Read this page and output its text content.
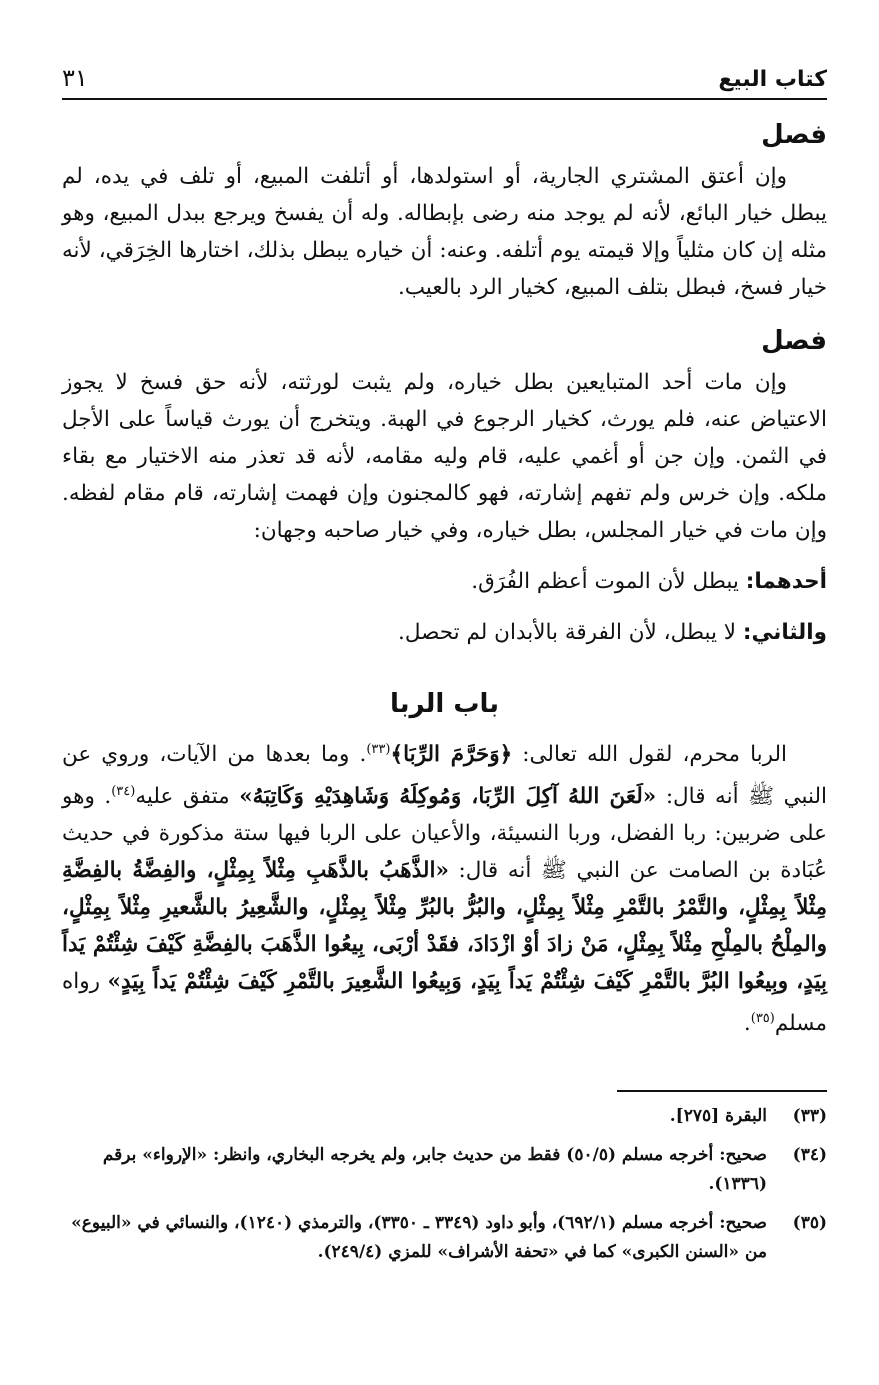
كتاب البيع
٣١
فصل

وإن أعتق المشتري الجارية، أو استولدها، أو أتلفت المبيع، أو تلف في يده، لم يبطل خيار البائع، لأنه لم يوجد منه رضى بإبطاله. وله أن يفسخ ويرجع ببدل المبيع، وهو مثله إن كان مثلياً وإلا قيمته يوم أتلفه. وعنه: أن خياره يبطل بذلك، اختارها الخِرَقي، لأنه خيار فسخ، فبطل بتلف المبيع، كخيار الرد بالعيب.

فصل

وإن مات أحد المتبايعين بطل خياره، ولم يثبت لورثته، لأنه حق فسخ لا يجوز الاعتياض عنه، فلم يورث، كخيار الرجوع في الهبة. ويتخرج أن يورث قياساً على الأجل في الثمن. وإن جن أو أغمي عليه، قام وليه مقامه، لأنه قد تعذر منه الاختيار مع بقاء ملكه. وإن خرس ولم تفهم إشارته، فهو كالمجنون وإن فهمت إشارته، قام مقام لفظه. وإن مات في خيار المجلس، بطل خياره، وفي خيار صاحبه وجهان:

أحدهما: يبطل لأن الموت أعظم الفُرَق.

والثاني: لا يبطل، لأن الفرقة بالأبدان لم تحصل.

باب الربا

الربا محرم، لقول الله تعالى: ﴿وَحَرَّمَ الرِّبَا﴾$^{(٣٣)}$. وما بعدها من الآيات، وروي عن النبي ﷺ أنه قال: «لَعَنَ اللهُ آكِلَ الرِّبَا، وَمُوكِلَهُ وَشَاهِدَيْهِ وَكَاتِبَهُ» متفق عليه$^{(٣٤)}$. وهو على ضربين: ربا الفضل، وربا النسيئة، والأعيان على الربا فيها ستة مذكورة في حديث عُبَادة بن الصامت عن النبي ﷺ أنه قال: «الذَّهَبُ بالذَّهَبِ مِثْلاً بِمِثْلٍ، والفِضَّةُ بالفِضَّةِ مِثْلاً بِمِثْلٍ، والتَّمْرُ بالتَّمْرِ مِثْلاً بِمِثْلٍ، والبُرُّ بالبُرِّ مِثْلاً بِمِثْلٍ، والشَّعِيرُ بالشَّعيرِ مِثْلاً بِمِثْلٍ، والمِلْحُ بالمِلْحِ مِثْلاً بِمِثْلٍ، مَنْ زادَ أوْ ازْدَادَ، فقَدْ أرْبَى، بِيعُوا الذَّهَبَ بالفِضَّةِ كَيْفَ شِئْتُمْ يَداً بِيَدٍ، وبِيعُوا البُرَّ بالتَّمْرِ كَيْفَ شِئْتُمْ يَداً بِيَدٍ، وَبِيعُوا الشَّعِيرَ بالتَّمْرِ كَيْفَ شِئْتُمْ يَداً بِيَدٍ» رواه مسلم$^{(٣٥)}$.

(٣٣)
البقرة [٢٧٥].
(٣٤)
صحيح: أخرجه مسلم (٥٠/٥) فقط من حديث جابر، ولم يخرجه البخاري، وانظر: «الإرواء» برقم (١٣٣٦).
(٣٥)
صحيح: أخرجه مسلم (٦٩٢/١)، وأبو داود (٣٣٤٩ ـ ٣٣٥٠)، والترمذي (١٢٤٠)، والنسائي في «البيوع» من «السنن الكبرى» كما في «تحفة الأشراف» للمزي (٢٤٩/٤).
